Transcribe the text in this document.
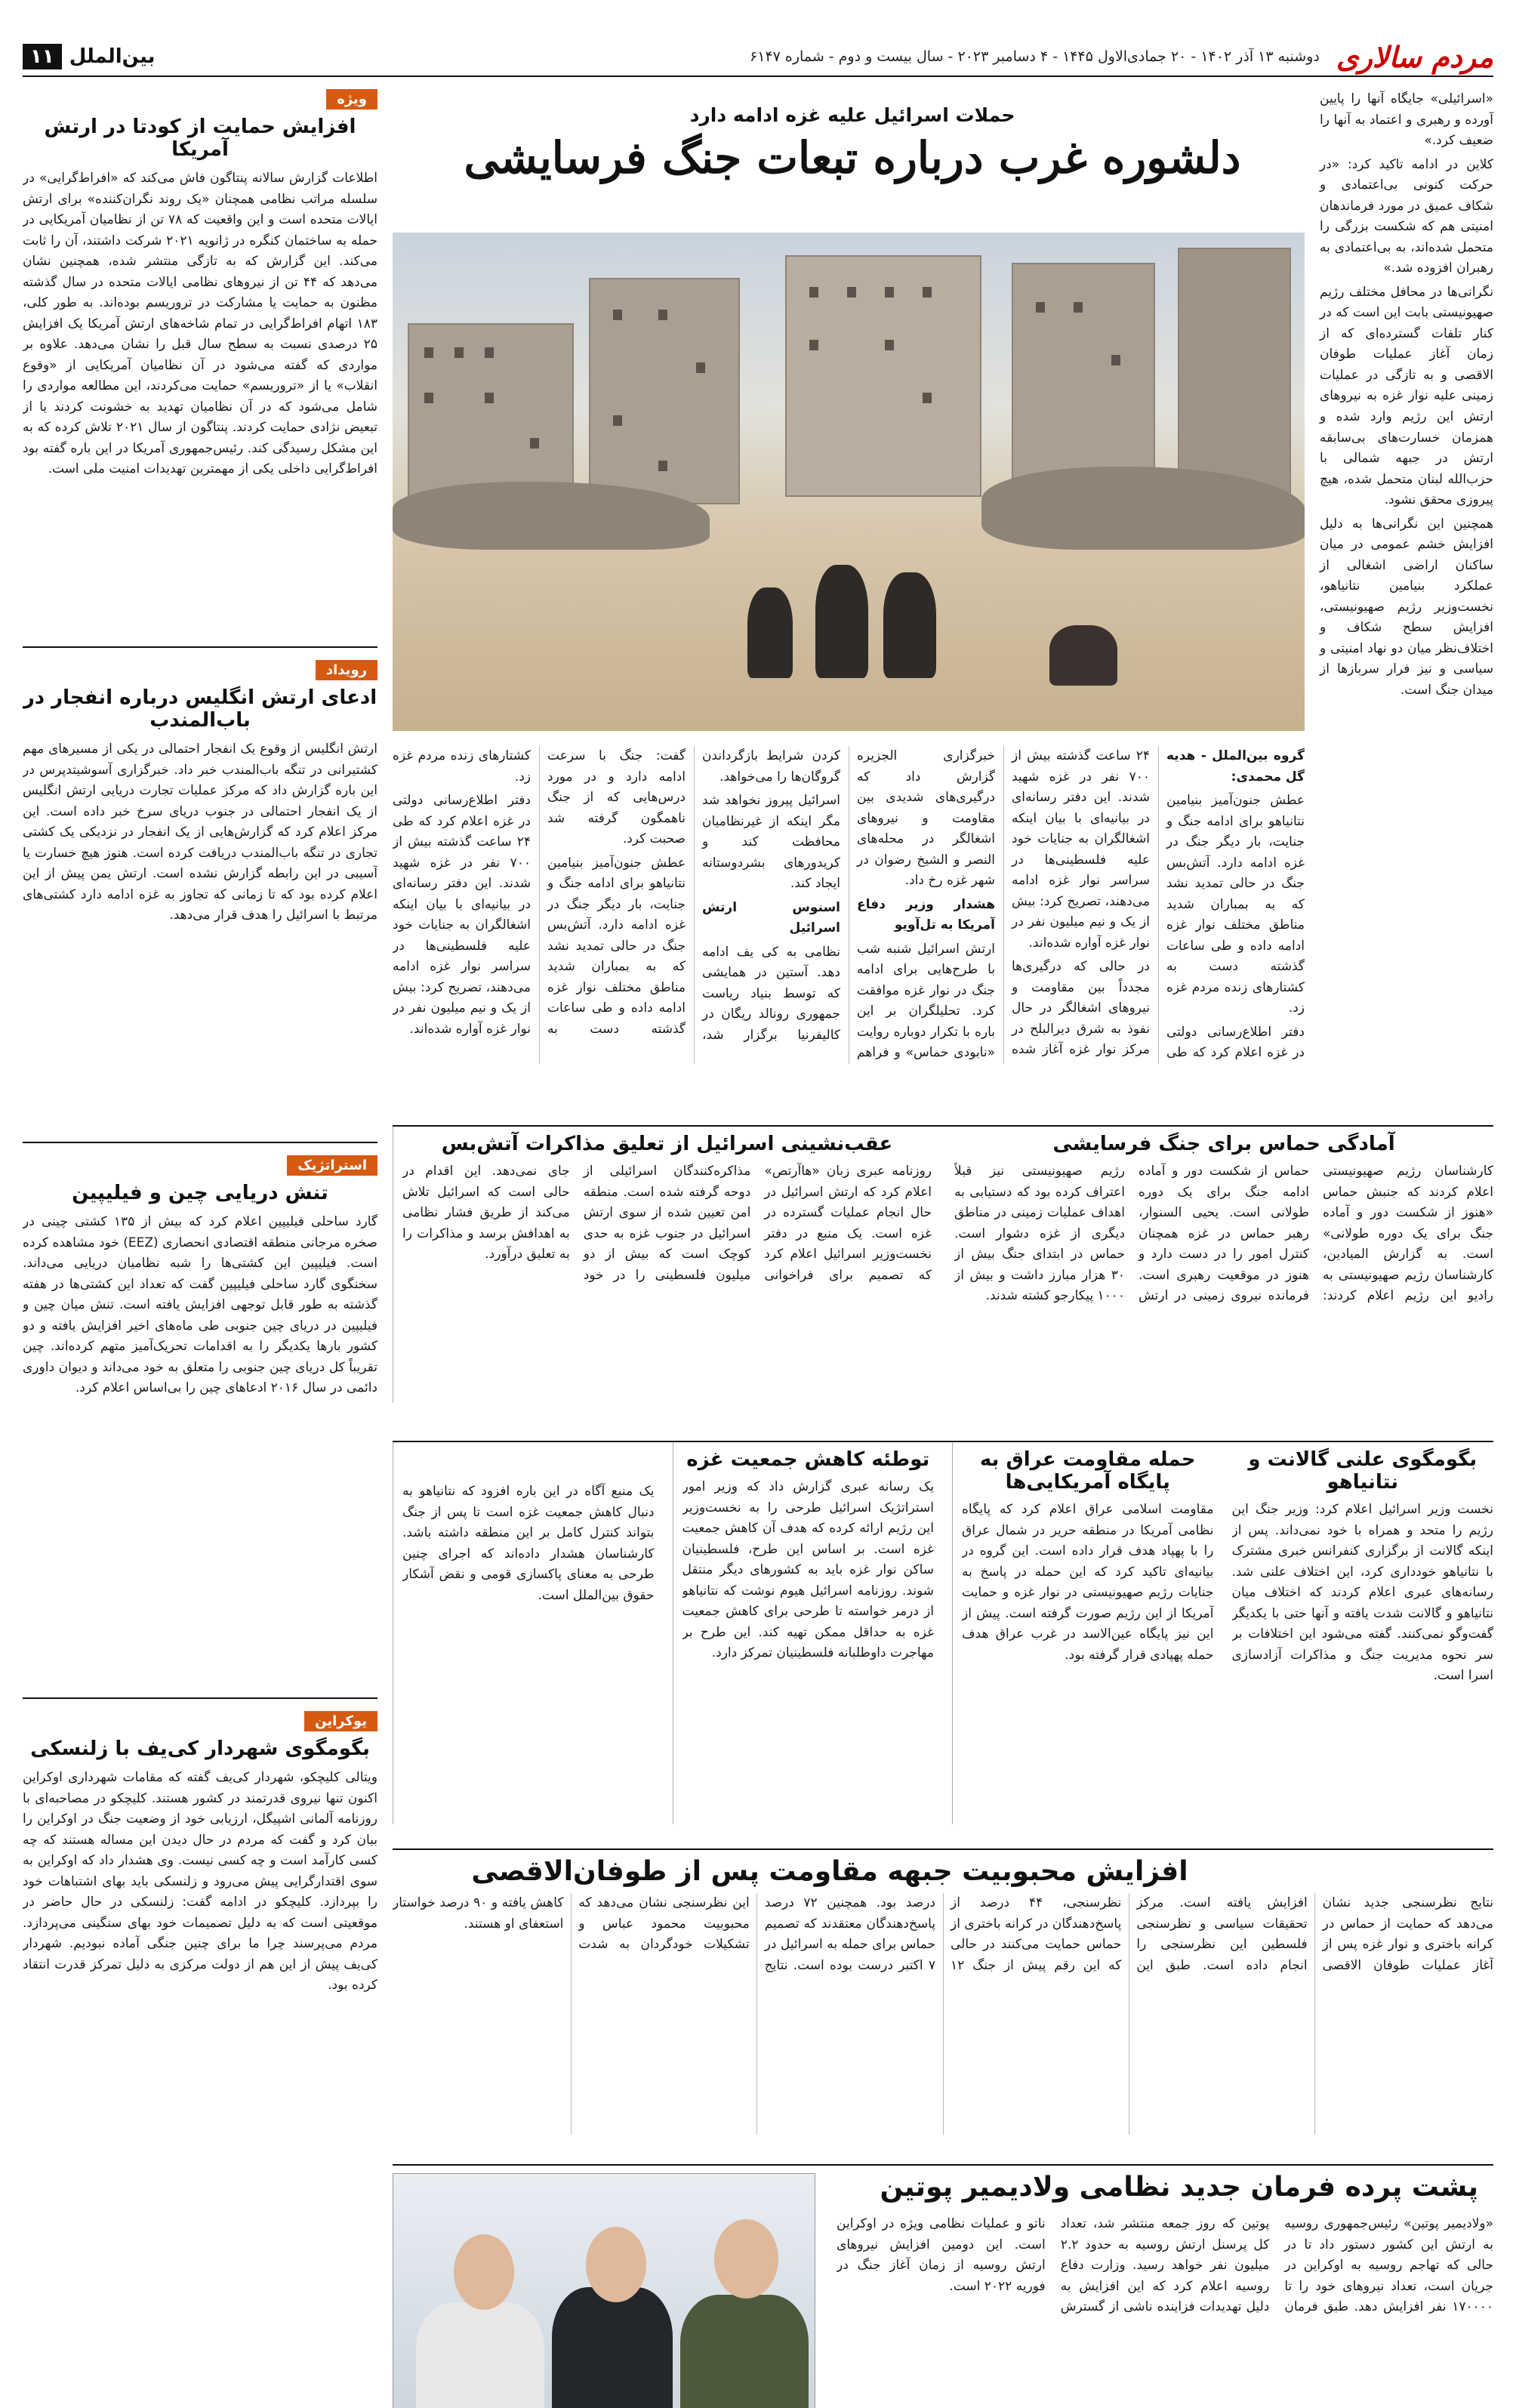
مردم سالاری
دوشنبه ۱۳ آذر ۱۴۰۲ - ۲۰ جمادی‌الاول ۱۴۴۵ - ۴ دسامبر ۲۰۲۳ - سال بیست و دوم - شماره ۶۱۴۷
بین‌الملل
۱۱

«اسرائیلی» جایگاه آنها را پایین آورده و رهبری و اعتماد به آنها را ضعیف کرد.»

کلاین در ادامه تاکید کرد: «در حرکت کنونی بی‌اعتمادی و شکاف عمیق در مورد فرماندهان امنیتی هم که شکست بزرگی را متحمل شده‌اند، به بی‌اعتمادی به رهبران افزوده شد.»

نگرانی‌ها در محافل مختلف رژیم صهیونیستی بابت این است که در کنار تلفات گسترده‌ای که از زمان آغاز عملیات طوفان الاقصی و به تازگی در عملیات زمینی علیه نوار غزه به نیروهای ارتش این رژیم وارد شده و همزمان خسارت‌های بی‌سابقه ارتش در جبهه شمالی با حزب‌الله لبنان متحمل شده، هیچ پیروزی محقق نشود.

همچنین این نگرانی‌ها به دلیل افزایش خشم عمومی در میان ساکنان اراضی اشغالی از عملکرد بنیامین نتانیاهو، نخست‌وزیر رژیم صهیونیستی، افزایش سطح شکاف و اختلاف‌نظر میان دو نهاد امنیتی و سیاسی و نیز فرار سربازها از میدان جنگ است.

حملات اسرائیل علیه غزه ادامه دارد
دلشوره غرب درباره تبعات جنگ فرسایشی

گروه بین‌الملل - هدیه گل محمدی:

عطش جنون‌آمیز بنیامین نتانیاهو برای ادامه جنگ و جنایت، بار دیگر جنگ در غزه ادامه دارد. آتش‌بس جنگ در حالی تمدید نشد که به بمباران شدید مناطق مختلف نوار غزه ادامه داده و طی ساعات گذشته دست به کشتارهای زنده مردم غزه زد.

دفتر اطلاع‌رسانی دولتی در غزه اعلام کرد که طی ۲۴ ساعت گذشته بیش از ۷۰۰ نفر در غزه شهید شدند. این دفتر رسانه‌ای در بیانیه‌ای با بیان اینکه اشغالگران به جنایات خود علیه فلسطینی‌ها در سراسر نوار غزه ادامه می‌دهند، تصریح کرد: بیش از یک و نیم میلیون نفر در نوار غزه آواره شده‌اند.

در حالی که درگیری‌ها مجدداً بین مقاومت و نیروهای اشغالگر در حال نفوذ به شرق دیرالبلح در مرکز نوار غزه آغاز شده خبرگزاری الجزیره گزارش داد که درگیری‌های شدیدی بین مقاومت و نیروهای اشغالگر در محله‌های النصر و الشیخ رضوان در شهر غزه رخ داد.

هشدار وزیر دفاع آمریکا به تل‌آویو

ارتش اسرائیل شنبه شب با طرح‌هایی برای ادامه جنگ در نوار غزه موافقت کرد. تحلیلگران بر این باره با تکرار دوباره روایت «نابودی حماس» و فراهم کردن شرایط بازگرداندن گروگان‌ها را می‌خواهد.

اسرائیل پیروز نخواهد شد مگر اینکه از غیرنظامیان محافظت کند و کریدورهای بشردوستانه ایجاد کند.

اسنوس ارتش اسرائیل

نظامی به کی یف ادامه دهد. آستین در همایشی که توسط بنیاد ریاست جمهوری رونالد ریگان در کالیفرنیا برگزار شد، گفت: جنگ با سرعت ادامه دارد و در مورد درس‌هایی که از جنگ ناهمگون گرفته شد صحبت کرد.

عطش جنون‌آمیز بنیامین نتانیاهو برای ادامه جنگ و جنایت، بار دیگر جنگ در غزه ادامه دارد. آتش‌بس جنگ در حالی تمدید نشد که به بمباران شدید مناطق مختلف نوار غزه ادامه داده و طی ساعات گذشته دست به کشتارهای زنده مردم غزه زد.

دفتر اطلاع‌رسانی دولتی در غزه اعلام کرد که طی ۲۴ ساعت گذشته بیش از ۷۰۰ نفر در غزه شهید شدند. این دفتر رسانه‌ای در بیانیه‌ای با بیان اینکه اشغالگران به جنایات خود علیه فلسطینی‌ها در سراسر نوار غزه ادامه می‌دهند، تصریح کرد: بیش از یک و نیم میلیون نفر در نوار غزه آواره شده‌اند.

آمادگی حماس برای جنگ فرسایشی
کارشناسان رژیم صهیونیستی اعلام کردند که جنبش حماس «هنوز از شکست دور و آماده جنگ برای یک دوره طولانی» است. به گزارش المیادین، کارشناسان رژیم صهیونیستی به رادیو این رژیم اعلام کردند: حماس از شکست دور و آماده ادامه جنگ برای یک دوره طولانی است. یحیی السنوار، رهبر حماس در غزه همچنان کنترل امور را در دست دارد و هنوز در موقعیت رهبری است. فرمانده نیروی زمینی در ارتش رژیم صهیونیستی نیز قبلاً اعتراف کرده بود که دستیابی به اهداف عملیات زمینی در مناطق دیگری از غزه دشوار است. حماس در ابتدای جنگ بیش از ۳۰ هزار مبارز داشت و بیش از ۱۰۰۰ پیکارجو کشته شدند.
عقب‌نشینی اسرائیل از تعلیق مذاکرات آتش‌بس
روزنامه عبری زبان «هاآرتص» اعلام کرد که ارتش اسرائیل در حال انجام عملیات گسترده در غزه است. یک منبع در دفتر نخست‌وزیر اسرائیل اعلام کرد که تصمیم برای فراخوانی مذاکره‌کنندگان اسرائیلی از دوحه گرفته شده است. منطقه امن تعیین شده از سوی ارتش اسرائیل در جنوب غزه به حدی کوچک است که بیش از دو میلیون فلسطینی را در خود جای نمی‌دهد. این اقدام در حالی است که اسرائیل تلاش می‌کند از طریق فشار نظامی به اهدافش برسد و مذاکرات را به تعلیق درآورد.
بگومگوی علنی گالانت و نتانیاهو
نخست وزیر اسرائیل اعلام کرد: وزیر جنگ این رژیم را متحد و همراه با خود نمی‌داند. پس از اینکه گالانت از برگزاری کنفرانس خبری مشترک با نتانیاهو خودداری کرد، این اختلاف علنی شد. رسانه‌های عبری اعلام کردند که اختلاف میان نتانیاهو و گالانت شدت یافته و آنها حتی با یکدیگر گفت‌وگو نمی‌کنند. گفته می‌شود این اختلافات بر سر نحوه مدیریت جنگ و مذاکرات آزادسازی اسرا است.
حمله مقاومت عراق به پایگاه آمریکایی‌ها
مقاومت اسلامی عراق اعلام کرد که پایگاه نظامی آمریکا در منطقه حریر در شمال عراق را با پهپاد هدف قرار داده است. این گروه در بیانیه‌ای تاکید کرد که این حمله در پاسخ به جنایات رژیم صهیونیستی در نوار غزه و حمایت آمریکا از این رژیم صورت گرفته است. پیش از این نیز پایگاه عین‌الاسد در غرب عراق هدف حمله پهپادی قرار گرفته بود.
توطئه کاهش جمعیت غزه
یک رسانه عبری گزارش داد که وزیر امور استراتژیک اسرائیل طرحی را به نخست‌وزیر این رژیم ارائه کرده که هدف آن کاهش جمعیت غزه است. بر اساس این طرح، فلسطینیان ساکن نوار غزه باید به کشورهای دیگر منتقل شوند. روزنامه اسرائیل هیوم نوشت که نتانیاهو از درمر خواسته تا طرحی برای کاهش جمعیت غزه به حداقل ممکن تهیه کند. این طرح بر مهاجرت داوطلبانه فلسطینیان تمرکز دارد.
یک منبع آگاه در این باره افزود که نتانیاهو به دنبال کاهش جمعیت غزه است تا پس از جنگ بتواند کنترل کامل بر این منطقه داشته باشد. کارشناسان هشدار داده‌اند که اجرای چنین طرحی به معنای پاکسازی قومی و نقض آشکار حقوق بین‌الملل است.
افزایش محبوبیت جبهه مقاومت پس از طوفان‌الاقصی
نتایج نظرسنجی جدید نشان می‌دهد که حمایت از حماس در کرانه باختری و نوار غزه پس از آغاز عملیات طوفان الاقصی افزایش یافته است. مرکز تحقیقات سیاسی و نظرسنجی فلسطین این نظرسنجی را انجام داده است. طبق این نظرسنجی، ۴۴ درصد از پاسخ‌دهندگان در کرانه باختری از حماس حمایت می‌کنند در حالی که این رقم پیش از جنگ ۱۲ درصد بود. همچنین ۷۲ درصد پاسخ‌دهندگان معتقدند که تصمیم حماس برای حمله به اسرائیل در ۷ اکتبر درست بوده است. نتایج این نظرسنجی نشان می‌دهد که محبوبیت محمود عباس و تشکیلات خودگردان به شدت کاهش یافته و ۹۰ درصد خواستار استعفای او هستند.
پشت پرده فرمان جدید نظامی ولادیمیر پوتین
«ولادیمیر پوتین» رئیس‌جمهوری روسیه به ارتش این کشور دستور داد تا در حالی که تهاجم روسیه به اوکراین در جریان است، تعداد نیروهای خود را تا ۱۷۰۰۰۰ نفر افزایش دهد. طبق فرمان پوتین که روز جمعه منتشر شد، تعداد کل پرسنل ارتش روسیه به حدود ۲.۲ میلیون نفر خواهد رسید. وزارت دفاع روسیه اعلام کرد که این افزایش به دلیل تهدیدات فزاینده ناشی از گسترش ناتو و عملیات نظامی ویژه در اوکراین است. این دومین افزایش نیروهای ارتش روسیه از زمان آغاز جنگ در فوریه ۲۰۲۲ است.
ویژه
افزایش حمایت از کودتا در ارتش آمریکا
اطلاعات گزارش سالانه پنتاگون فاش می‌کند که «افراط‌گرایی» در سلسله مراتب نظامی همچنان «یک روند نگران‌کننده» برای ارتش ایالات متحده است و این واقعیت که ۷۸ تن از نظامیان آمریکایی در حمله به ساختمان کنگره در ژانویه ۲۰۲۱ شرکت داشتند، آن را ثابت می‌کند. این گزارش که به تازگی منتشر شده، همچنین نشان می‌دهد که ۴۴ تن از نیروهای نظامی ایالات متحده در سال گذشته مظنون به حمایت یا مشارکت در تروریسم بوده‌اند. به طور کلی، ۱۸۳ اتهام افراط‌گرایی در تمام شاخه‌های ارتش آمریکا یک افزایش ۲۵ درصدی نسبت به سطح سال قبل را نشان می‌دهد. علاوه بر مواردی که گفته می‌شود در آن نظامیان آمریکایی از «وقوع انقلاب» یا از «تروریسم» حمایت می‌کردند، این مطالعه مواردی را شامل می‌شود که در آن نظامیان تهدید به خشونت کردند یا از تبعیض نژادی حمایت کردند. پنتاگون از سال ۲۰۲۱ تلاش کرده که به این مشکل رسیدگی کند. رئیس‌جمهوری آمریکا در این باره گفته بود افراط‌گرایی داخلی یکی از مهمترین تهدیدات امنیت ملی است.
رویداد
ادعای ارتش انگلیس درباره انفجار در باب‌المندب
ارتش انگلیس از وقوع یک انفجار احتمالی در یکی از مسیرهای مهم کشتیرانی در تنگه باب‌المندب خبر داد. خبرگزاری آسوشیتدپرس در این باره گزارش داد که مرکز عملیات تجارت دریایی ارتش انگلیس از یک انفجار احتمالی در جنوب دریای سرخ خبر داده است. این مرکز اعلام کرد که گزارش‌هایی از یک انفجار در نزدیکی یک کشتی تجاری در تنگه باب‌المندب دریافت کرده است. هنوز هیچ خسارت یا آسیبی در این رابطه گزارش نشده است. ارتش یمن پیش از این اعلام کرده بود که تا زمانی که تجاوز به غزه ادامه دارد کشتی‌های مرتبط با اسرائیل را هدف قرار می‌دهد.
استراتژیک
تنش دریایی چین و فیلیپین
گارد ساحلی فیلیپین اعلام کرد که بیش از ۱۳۵ کشتی چینی در صخره مرجانی منطقه اقتصادی انحصاری (EEZ) خود مشاهده کرده است. فیلیپین این کشتی‌ها را شبه نظامیان دریایی می‌داند. سخنگوی گارد ساحلی فیلیپین گفت که تعداد این کشتی‌ها در هفته گذشته به طور قابل توجهی افزایش یافته است. تنش میان چین و فیلیپین در دریای چین جنوبی طی ماه‌های اخیر افزایش یافته و دو کشور بارها یکدیگر را به اقدامات تحریک‌آمیز متهم کرده‌اند. چین تقریباً کل دریای چین جنوبی را متعلق به خود می‌داند و دیوان داوری دائمی در سال ۲۰۱۶ ادعاهای چین را بی‌اساس اعلام کرد.
یوکراین
بگومگوی شهردار کی‌یف با زلنسکی
ویتالی کلیچکو، شهردار کی‌یف گفته که مقامات شهرداری اوکراین اکنون تنها نیروی قدرتمند در کشور هستند. کلیچکو در مصاحبه‌ای با روزنامه آلمانی اشپیگل، ارزیابی خود از وضعیت جنگ در اوکراین را بیان کرد و گفت که مردم در حال دیدن این مساله هستند که چه کسی کارآمد است و چه کسی نیست. وی هشدار داد که اوکراین به سوی اقتدارگرایی پیش می‌رود و زلنسکی باید بهای اشتباهات خود را بپردازد. کلیچکو در ادامه گفت: زلنسکی در حال حاضر در موقعیتی است که به دلیل تصمیمات خود بهای سنگینی می‌پردازد. مردم می‌پرسند چرا ما برای چنین جنگی آماده نبودیم. شهردار کی‌یف پیش از این هم از دولت مرکزی به دلیل تمرکز قدرت انتقاد کرده بود.
